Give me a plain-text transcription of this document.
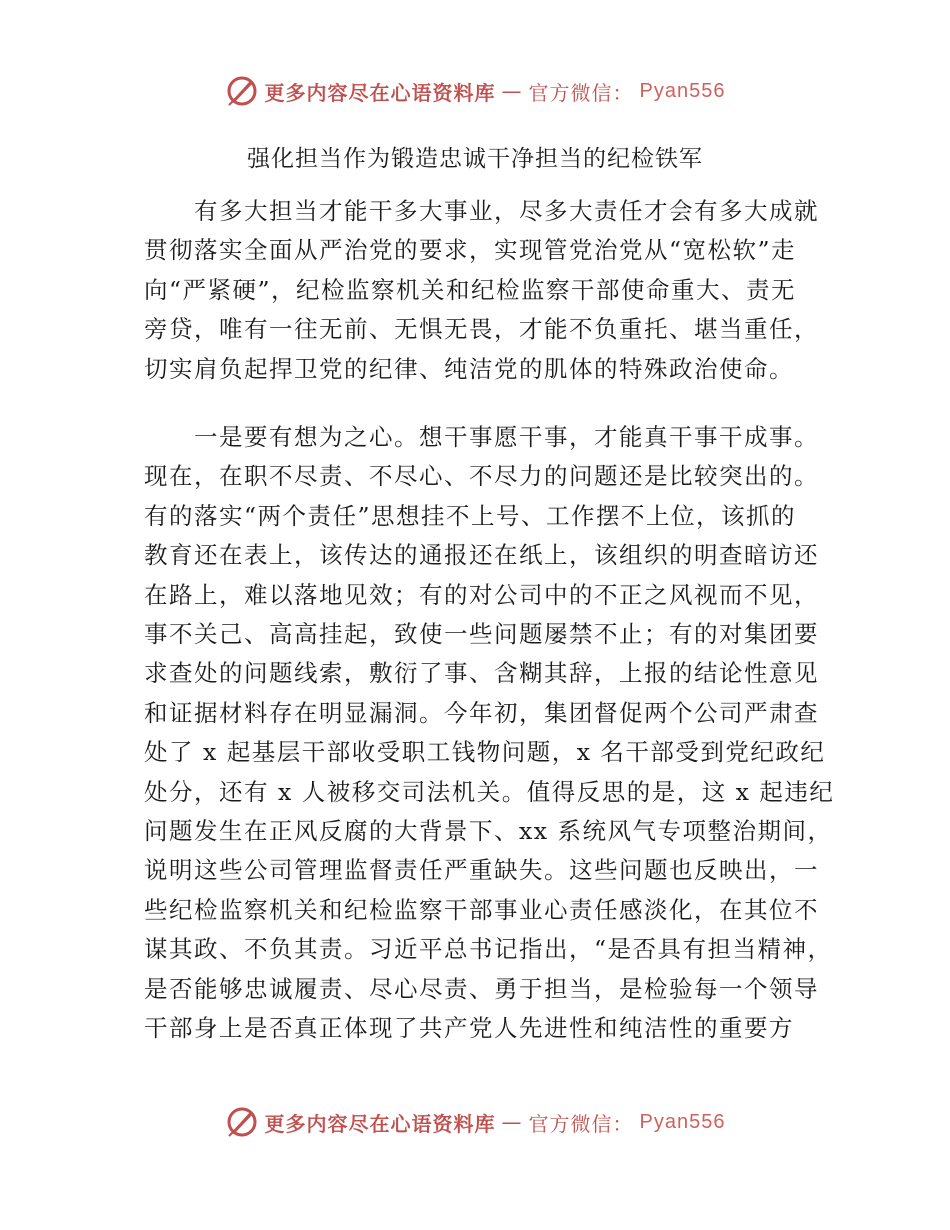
更多内容尽在心语资料库 — 官方微信： Pyan556
强化担当作为锻造忠诚干净担当的纪检铁军
　　有多大担当才能干多大事业，尽多大责任才会有多大成就
贯彻落实全面从严治党的要求，实现管党治党从“宽松软”走
向“严紧硬”，纪检监察机关和纪检监察干部使命重大、责无
旁贷，唯有一往无前、无惧无畏，才能不负重托、堪当重任，
切实肩负起捍卫党的纪律、纯洁党的肌体的特殊政治使命。
　　一是要有想为之心。想干事愿干事，才能真干事干成事。
现在，在职不尽责、不尽心、不尽力的问题还是比较突出的。
有的落实“两个责任”思想挂不上号、工作摆不上位，该抓的
教育还在表上，该传达的通报还在纸上，该组织的明查暗访还
在路上，难以落地见效；有的对公司中的不正之风视而不见，
事不关己、高高挂起，致使一些问题屡禁不止；有的对集团要
求查处的问题线索，敷衍了事、含糊其辞，上报的结论性意见
和证据材料存在明显漏洞。今年初，集团督促两个公司严肃查
处了 x 起基层干部收受职工钱物问题，x 名干部受到党纪政纪
处分，还有 x 人被移交司法机关。值得反思的是，这 x 起违纪
问题发生在正风反腐的大背景下、xx 系统风气专项整治期间，
说明这些公司管理监督责任严重缺失。这些问题也反映出，一
些纪检监察机关和纪检监察干部事业心责任感淡化，在其位不
谋其政、不负其责。习近平总书记指出，“是否具有担当精神，
是否能够忠诚履责、尽心尽责、勇于担当，是检验每一个领导
干部身上是否真正体现了共产党人先进性和纯洁性的重要方
更多内容尽在心语资料库 — 官方微信： Pyan556
